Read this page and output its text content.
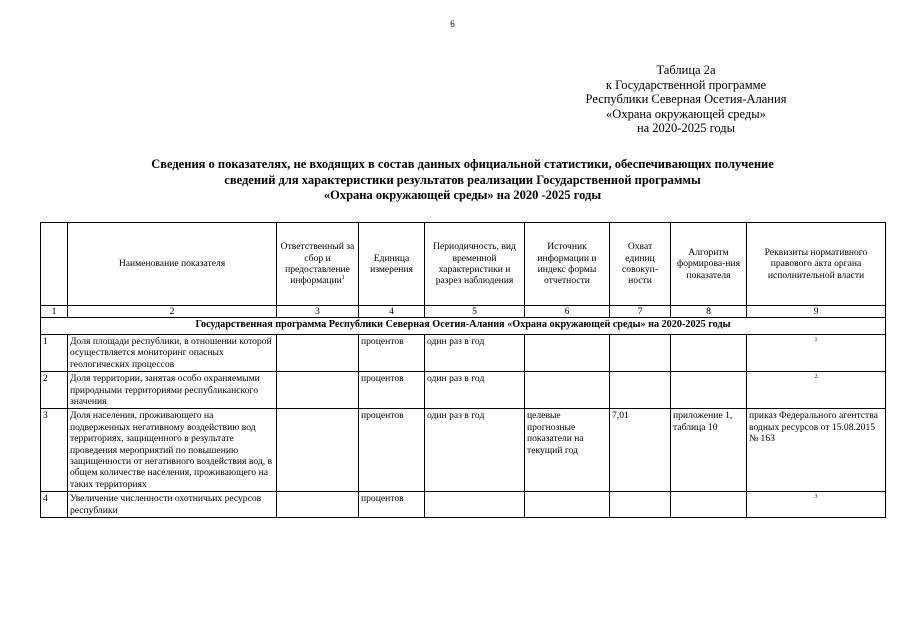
6
Таблица 2а
к Государственной программе
Республики Северная Осетия-Алания
«Охрана окружающей среды»
на 2020-2025 годы
Сведения о показателях, не входящих в состав данных официальной статистики, обеспечивающих получение
сведений для характеристики результатов реализации Государственной программы
«Охрана окружающей среды» на 2020 -2025 годы
	Наименование показателя	Ответственный за сбор и предоставление информации$^1$	Единица измерения	Периодичность, вид временной характеристики и разрез наблюдения	Источник информации и индекс формы отчетности	Охват единиц совокуп-ности	Алгоритм формирова-ния показателя	Реквизиты нормативного правового акта органа исполнительной власти
1	2	3	4	5	6	7	8	9
Государственная программа Республики Северная Осетия-Алания «Охрана окружающей среды» на 2020-2025 годы								
1	Доля площади республики, в отношении которой осуществляется мониторинг опасных геологических процессов		процентов	один раз в год				1

2	Доля территории, занятая особо охраняемыми природными территориями республиканского значения		процентов	один раз в год				2

3	Доля населения, проживающего на подверженных негативному воздействию вод территориях, защищенного в результате проведения мероприятий по повышению защищенности от негативного воздействия вод, в общем количестве населения, проживающего на таких территориях		процентов	один раз в год	целевые прогнозные показатели на текущий год	7,01	приложение 1, таблица 10	приказ Федерального агентства водных ресурсов от 15.08.2015 № 163
4	Увеличение численности охотничьих ресурсов республики		процентов					3
